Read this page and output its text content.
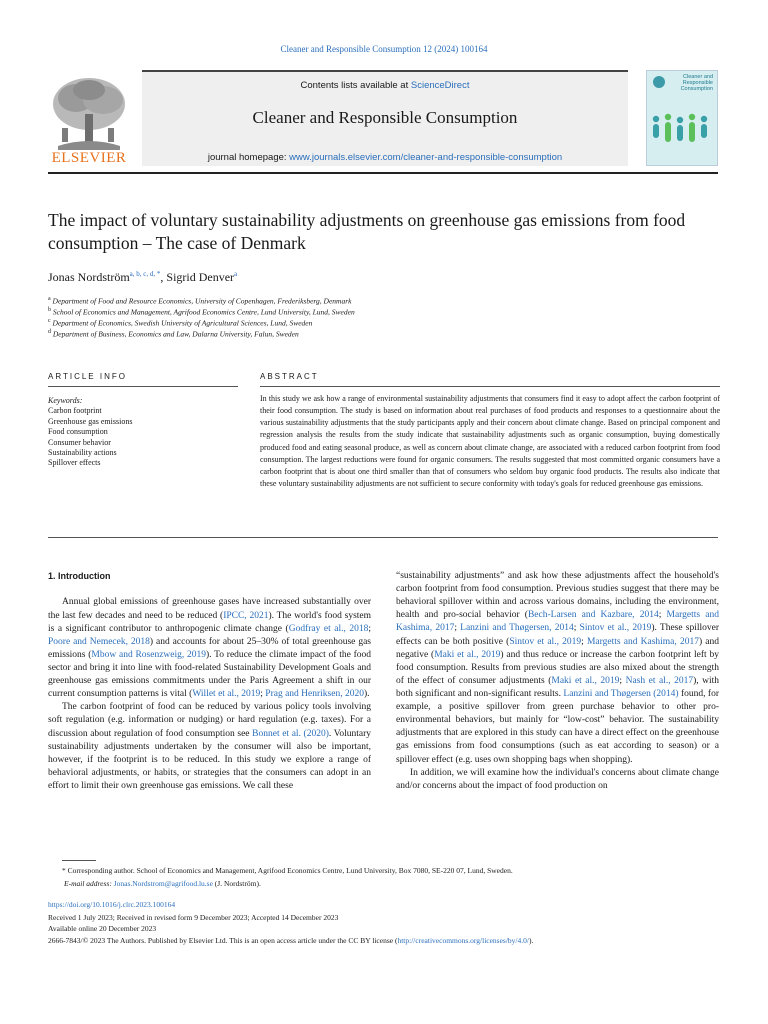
Cleaner and Responsible Consumption 12 (2024) 100164
ELSEVIER
Contents lists available at ScienceDirect
Cleaner and Responsible Consumption
journal homepage: www.journals.elsevier.com/cleaner-and-responsible-consumption
Cleaner and Responsible Consumption
The impact of voluntary sustainability adjustments on greenhouse gas emissions from food consumption – The case of Denmark
Jonas Nordström$^{a, b, c, d, *}$, Sigrid Denver$^a$
$^a$ Department of Food and Resource Economics, University of Copenhagen, Frederiksberg, Denmark
$^b$ School of Economics and Management, Agrifood Economics Centre, Lund University, Lund, Sweden
$^c$ Department of Economics, Swedish University of Agricultural Sciences, Lund, Sweden
$^d$ Department of Business, Economics and Law, Dalarna University, Falun, Sweden
ARTICLE INFO	ABSTRACT
Keywords:
Carbon footprint
Greenhouse gas emissions
Food consumption
Consumer behavior
Sustainability actions
Spillover effects
In this study we ask how a range of environmental sustainability adjustments that consumers find it easy to adopt affect the carbon footprint of their food consumption. The study is based on information about real purchases of food products and responses to a questionnaire about the various sustainability adjustments that the study participants apply and their concern about climate change. Based on principal component and regression analysis the results from the study indicate that sustainability adjustments such as organic consumption, buying domestically produced food and eating seasonal produce, as well as concern about climate change, are associated with a reduced carbon footprint from food consumption. The largest reductions were found for organic consumers. The results suggested that most committed organic consumers have a carbon footprint that is about one third smaller than that of consumers who seldom buy organic food products. The results also indicate that these voluntary sustainability adjustments are not sufficient to secure conformity with today's goals for reduced greenhouse gas emissions.

1. Introduction

Annual global emissions of greenhouse gases have increased substantially over the last few decades and need to be reduced (IPCC, 2021). The world's food system is a significant contributor to anthropogenic climate change (Godfray et al., 2018; Poore and Nemecek, 2018) and accounts for about 25–30% of total greenhouse gas emissions (Mbow and Rosenzweig, 2019). To reduce the climate impact of the food sector and bring it into line with food-related Sustainability Development Goals and greenhouse gas emissions commitments under the Paris Agreement a shift in our current consumption patterns is vital (Willet et al., 2019; Prag and Henriksen, 2020).

The carbon footprint of food can be reduced by various policy tools involving soft regulation (e.g. information or nudging) or hard regulation (e.g. taxes). For a discussion about regulation of food consumption see Bonnet et al. (2020). Voluntary sustainability adjustments undertaken by the consumer will also be important, however, if the footprint is to be reduced. In this study we explore a range of behavioral adjustments, or habits, or strategies that the consumers can adopt in an effort to limit their own greenhouse gas emissions. We call these

“sustainability adjustments” and ask how these adjustments affect the household's carbon footprint from food consumption. Previous studies suggest that there may be behavioral spillover within and across various domains, including the environment, health and pro-social behavior (Bech-Larsen and Kazbare, 2014; Margetts and Kashima, 2017; Lanzini and Thøgersen, 2014; Sintov et al., 2019). These spillover effects can be both positive (Sintov et al., 2019; Margetts and Kashima, 2017) and negative (Maki et al., 2019) and thus reduce or increase the carbon footprint left by food consumption. Results from previous studies are also mixed about the strength of the effect of consumer adjustments (Maki et al., 2019; Nash et al., 2017), with both significant and non-significant results. Lanzini and Thøgersen (2014) found, for example, a positive spillover from green purchase behavior to other pro-environmental behaviors, but mainly for “low-cost” behavior. The sustainability adjustments that are explored in this study can have a direct effect on the greenhouse gas emissions from food consumptions (such as eat according to season) or a spillover effect (e.g. uses own shopping bags when shopping).

In addition, we will examine how the individual's concerns about climate change and/or concerns about the impact of food production on

* Corresponding author. School of Economics and Management, Agrifood Economics Centre, Lund University, Box 7080, SE-220 07, Lund, Sweden.
E-mail address: Jonas.Nordstrom@agrifood.lu.se (J. Nordström).
https://doi.org/10.1016/j.clrc.2023.100164
Received 1 July 2023; Received in revised form 9 December 2023; Accepted 14 December 2023
Available online 20 December 2023
2666-7843/© 2023 The Authors. Published by Elsevier Ltd. This is an open access article under the CC BY license (http://creativecommons.org/licenses/by/4.0/).
